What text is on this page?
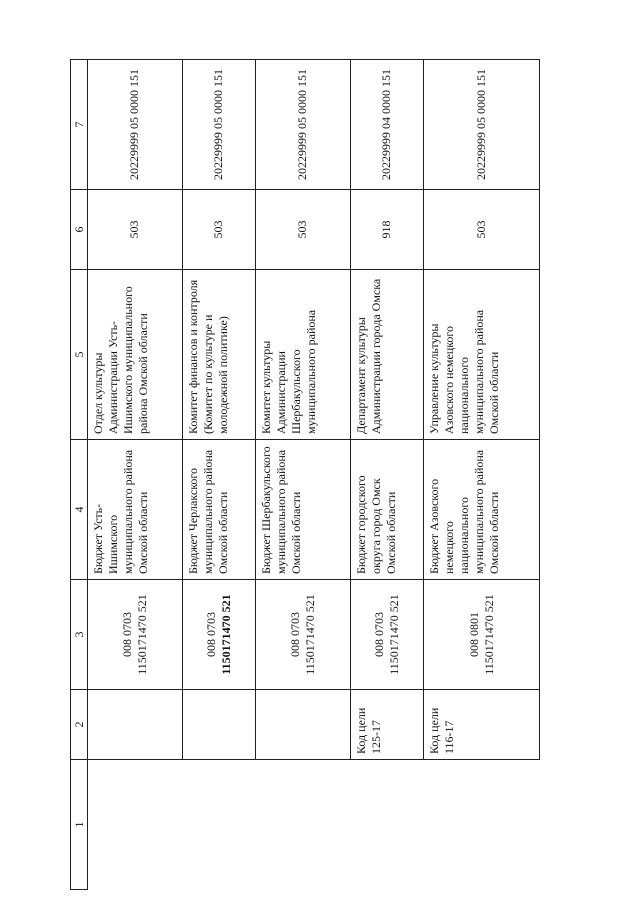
1	2	3	4	5	6	7

		008 0703 1150171470 521	Бюджет Усть-Ишимского муниципального района Омской области	Отдел культуры Администрации Усть-Ишимского муниципального района Омской области	503	20229999 05 0000 151

		008 0703 1150171470 521	Бюджет Черлакского муниципального района Омской области	Комитет финансов и контроля (Комитет по культуре и молодежной политике)	503	20229999 05 0000 151

		008 0703 1150171470 521	Бюджет Шербакульского муниципального района Омской области	Комитет культуры Администрации Шербакульского муниципального района	503	20229999 05 0000 151
	Код цели 125-17	008 0703 1150171470 521	Бюджет городского округа город Омск Омской области	Департамент культуры Администрации города Омска	918	20229999 04 0000 151
	Код цели 116-17	008 0801 1150171470 521	Бюджет Азовского немецкого национального муниципального района Омской области	Управление культуры Азовского немецкого национального муниципального района Омской области	503	20229999 05 0000 151
